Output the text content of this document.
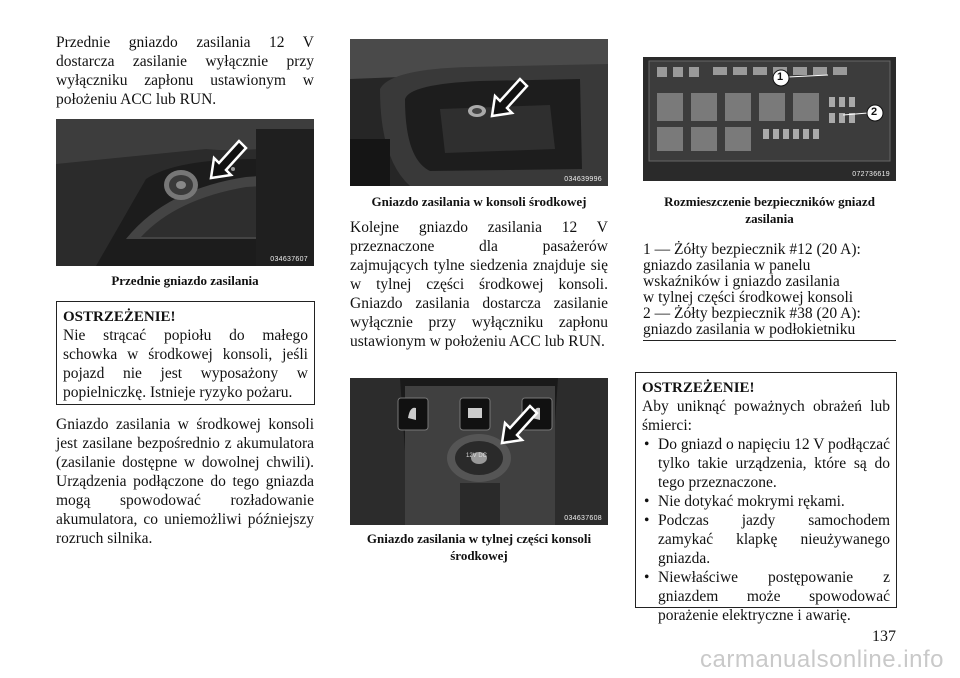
Przednie gniazdo zasilania 12 V dostarcza zasilanie wyłącznie przy wyłączniku zapłonu ustawionym w położeniu ACC lub RUN.

034637607
Przednie gniazdo zasilania
OSTRZEŻENIE!

Nie strącać popiołu do małego schowka w środkowej konsoli, jeśli pojazd nie jest wyposażony w popielniczkę. Istnieje ryzyko pożaru.

Gniazdo zasilania w środkowej konsoli jest zasilane bezpośrednio z akumulatora (zasilanie dostępne w dowolnej chwili). Urządzenia podłączone do tego gniazda mogą spowodować rozładowanie akumulatora, co uniemożliwi późniejszy rozruch silnika.

034639996
Gniazdo zasilania w konsoli środkowej

Kolejne gniazdo zasilania 12 V przeznaczone dla pasażerów zajmujących tylne siedzenia znajduje się w tylnej części środkowej konsoli. Gniazdo zasilania dostarcza zasilanie wyłącznie przy wyłączniku zapłonu ustawionym w położeniu ACC lub RUN.

12V DC
034637608
Gniazdo zasilania w tylnej części konsoli środkowej
1
2
072736619
Rozmieszczenie bezpieczników gniazd zasilania
1 — Żółty bezpiecznik #12 (20 A):
gniazdo zasilania w panelu
wskaźników i gniazdo zasilania
w tylnej części środkowej konsoli
2 — Żółty bezpiecznik #38 (20 A):
gniazdo zasilania w podłokietniku
OSTRZEŻENIE!

Aby uniknąć poważnych obrażeń lub śmierci:

• Do gniazd o napięciu 12 V podłączać tylko takie urządzenia, które są do tego przeznaczone.
• Nie dotykać mokrymi rękami.
• Podczas jazdy samochodem zamykać klapkę nieużywanego gniazda.
• Niewłaściwe postępowanie z gniazdem może spowodować porażenie elektryczne i awarię.
137
carmanualsonline.info
